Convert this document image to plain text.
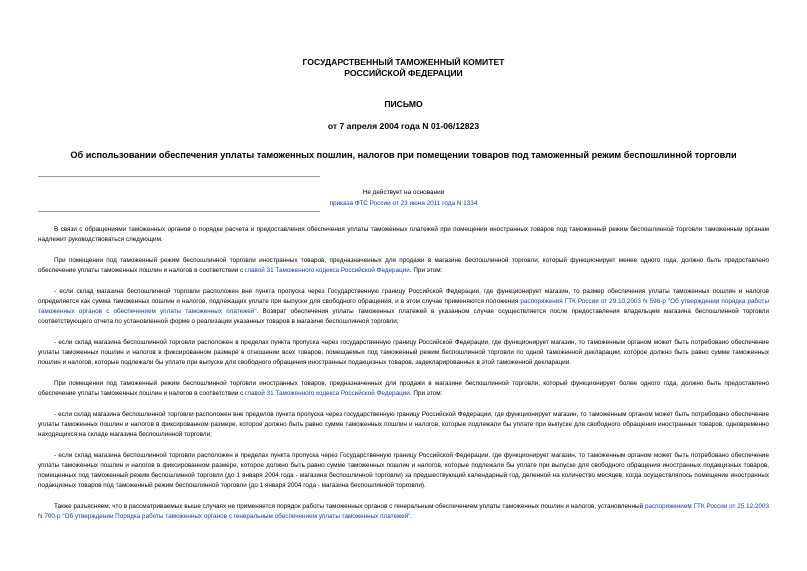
ГОСУДАРСТВЕННЫЙ ТАМОЖЕННЫЙ КОМИТЕТ
РОССИЙСКОЙ ФЕДЕРАЦИИ
ПИСЬМО
от 7 апреля 2004 года N 01-06/12823
Об использовании обеспечения уплаты таможенных пошлин, налогов при помещении товаров под таможенный режим беспошлинной торговли
Не действует на основании
приказа ФТС России от 23 июня 2011 года N 1334

В связи с обращениями таможенных органов о порядке расчета и предоставления обеспечения уплаты таможенных платежей при помещении иностранных товаров под таможенный режим беспошлинной торговли таможенным органам надлежит руководствоваться следующим.

При помещении под таможенный режим беспошлинной торговли иностранных товаров, предназначенных для продажи в магазине беспошлинной торговли, который функционирует менее одного года, должно быть предоставлено обеспечение уплаты таможенных пошлин и налогов в соответствии с главой 31 Таможенного кодекса Российской Федерации. При этом:

- если склад магазина беспошлинной торговли расположен вне пункта пропуска через Государственную границу Российской Федерации, где функционирует магазин, то размер обеспечения уплаты таможенных пошлин и налогов определяется как сумма таможенных пошлин и налогов, подлежащих уплате при выпуске для свободного обращения, и в этом случае применяются положения распоряжения ГТК России от 29.10.2003 N 596-р "Об утверждении порядка работы таможенных органов с обеспечением уплаты таможенных платежей". Возврат обеспечения уплаты таможенных платежей в указанном случае осуществляется после предоставления владельцем магазина беспошлинной торговли соответствующего отчета по установленной форме о реализации указанных товаров в магазине беспошлинной торговли;

- если склад магазина беспошлинной торговли расположен в пределах пункта пропуска через государственную границу Российской Федерации, где функционирует магазин, то таможенным органом может быть потребовано обеспечение уплаты таможенных пошлин и налогов в фиксированном размере в отношении всех товаров, помещаемых под таможенный режим беспошлинной торговли по одной таможенной декларации, которое должно быть равно сумме таможенных пошлин и налогов, которые подлежали бы уплате при выпуске для свободного обращения иностранных подакцизных товаров, задекларированных в этой таможенной декларации.

При помещении под таможенный режим беспошлинной торговли иностранных товаров, предназначенных для продажи в магазине беспошлинной торговли, который функционирует более одного года, должно быть предоставлено обеспечение уплаты таможенных пошлин и налогов в соответствии с главой 31 Таможенного кодекса Российской Федерации. При этом:

- если склад магазина беспошлинной торговли расположен вне пределов пункта пропуска через государственную границу Российской Федерации, где функционирует магазин, то таможенным органом может быть потребовано обеспечение уплаты таможенных пошлин и налогов в фиксированном размере, которое должно быть равно сумме таможенных пошлин и налогов, которые подлежали бы уплате при выпуске для свободного обращения иностранных товаров, одновременно находящихся на складе магазина беспошлинной торговли;

- если склад магазина беспошлинной торговли расположен в пределах пункта пропуска через Государственную границу Российской Федерации, где функционирует магазин, то таможенным органом может быть потребовано обеспечение уплаты таможенных пошлин и налогов в фиксированном размере, которое должно быть равно сумме таможенных пошлин и налогов, которые подлежали бы уплате при выпуске для свободного обращения иностранных подакцизных товаров, помещенных под таможенный режим беспошлинной торговли (до 1 января 2004 года - магазина беспошлинной торговли) за предшествующий календарный год, деленной на количество месяцев, когда осуществлялось помещение иностранных подакцизных товаров под таможенный режим беспошлинной торговли (до 1 января 2004 года - магазина беспошлинной торговли).

Также разъясняем, что в рассматриваемых выше случаях не применяется порядок работы таможенных органов с генеральным обеспечением уплаты таможенных пошлин и налогов, установленный распоряжением ГТК России от 25.12.2003 N 700-р "Об утверждении Порядка работы таможенных органов с генеральным обеспечением уплаты таможенных платежей".
